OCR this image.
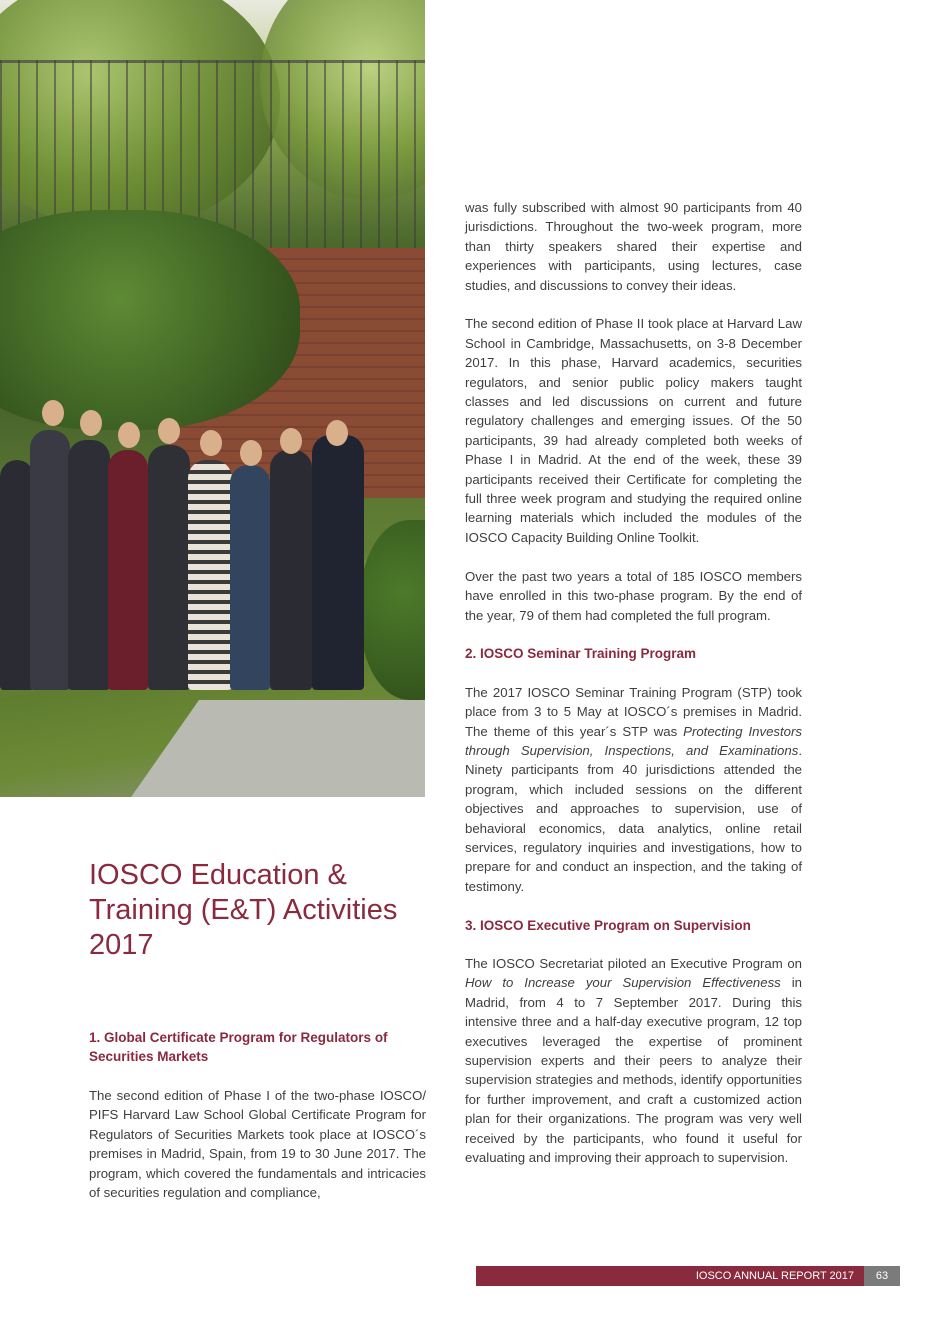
IOSCO Education & Training (E&T) Activities 2017
1. Global Certificate Program for Regulators of Securities Markets

The second edition of Phase I of the two-phase IOSCO/ PIFS Harvard Law School Global Certificate Program for Regulators of Securities Markets took place at IOSCO´s premises in Madrid, Spain, from 19 to 30 June 2017. The program, which covered the fundamentals and intricacies of securities regulation and compliance,

was fully subscribed with almost 90 participants from 40 jurisdictions. Throughout the two-week program, more than thirty speakers shared their expertise and experiences with participants, using lectures, case studies, and discussions to convey their ideas.

The second edition of Phase II took place at Harvard Law School in Cambridge, Massachusetts, on 3-8 December 2017. In this phase, Harvard academics, securities regulators, and senior public policy makers taught classes and led discussions on current and future regulatory challenges and emerging issues. Of the 50 participants, 39 had already completed both weeks of Phase I in Madrid. At the end of the week, these 39 participants received their Certificate for completing the full three week program and studying the required online learning materials which included the modules of the IOSCO Capacity Building Online Toolkit.

Over the past two years a total of 185 IOSCO members have enrolled in this two-phase program. By the end of the year, 79 of them had completed the full program.

2. IOSCO Seminar Training Program

The 2017 IOSCO Seminar Training Program (STP) took place from 3 to 5 May at IOSCO´s premises in Madrid. The theme of this year´s STP was Protecting Investors through Supervision, Inspections, and Examinations. Ninety participants from 40 jurisdictions attended the program, which included sessions on the different objectives and approaches to supervision, use of behavioral economics, data analytics, online retail services, regulatory inquiries and investigations, how to prepare for and conduct an inspection, and the taking of testimony.

3. IOSCO Executive Program on Supervision

The IOSCO Secretariat piloted an Executive Program on How to Increase your Supervision Effectiveness in Madrid, from 4 to 7 September 2017. During this intensive three and a half-day executive program, 12 top executives leveraged the expertise of prominent supervision experts and their peers to analyze their supervision strategies and methods, identify opportunities for further improvement, and craft a customized action plan for their organizations. The program was very well received by the participants, who found it useful for evaluating and improving their approach to supervision.

IOSCO ANNUAL REPORT 2017	63
